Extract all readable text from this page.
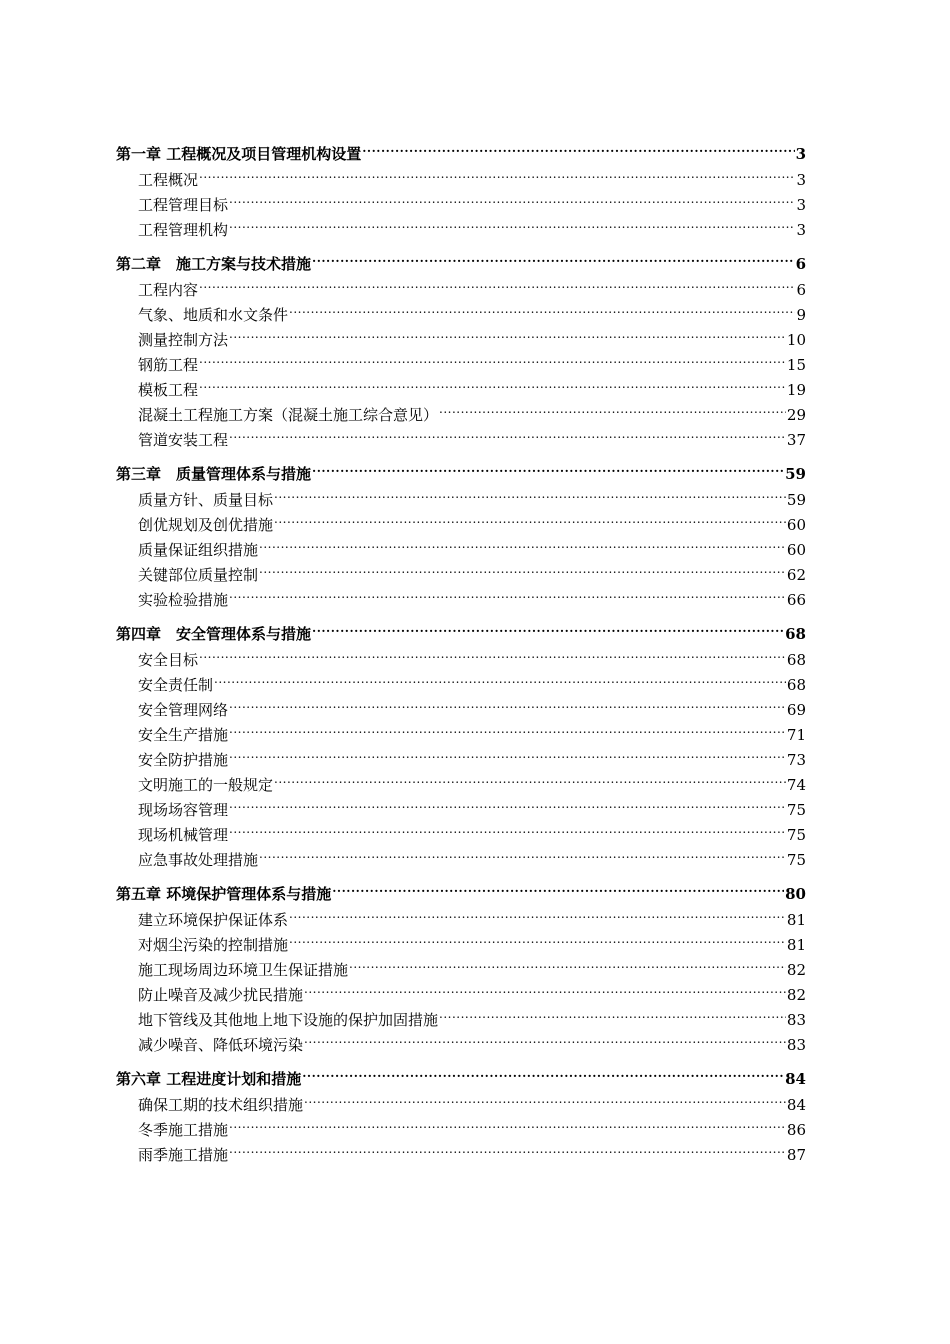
第一章 工程概况及项目管理机构设置 .....	3
工程概况 .....	3
工程管理目标 .....	3
工程管理机构 .....	3
第二章　施工方案与技术措施 .....	6
工程内容 .....	6
气象、地质和水文条件 .....	9
测量控制方法 .....	10
钢筋工程 .....	15
模板工程 .....	19
混凝土工程施工方案（混凝土施工综合意见） .....	29
管道安装工程 .....	37
第三章　质量管理体系与措施 .....	59
质量方针、质量目标 .....	59
创优规划及创优措施 .....	60
质量保证组织措施 .....	60
关键部位质量控制 .....	62
实验检验措施 .....	66
第四章　安全管理体系与措施 .....	68
安全目标 .....	68
安全责任制 .....	68
安全管理网络 .....	69
安全生产措施 .....	71
安全防护措施 .....	73
文明施工的一般规定 .....	74
现场场容管理 .....	75
现场机械管理 .....	75
应急事故处理措施 .....	75
第五章 环境保护管理体系与措施 .....	80
建立环境保护保证体系 .....	81
对烟尘污染的控制措施 .....	81
施工现场周边环境卫生保证措施 .....	82
防止噪音及减少扰民措施 .....	82
地下管线及其他地上地下设施的保护加固措施 .....	83
减少噪音、降低环境污染 .....	83
第六章 工程进度计划和措施 .....	84
确保工期的技术组织措施 .....	84
冬季施工措施 .....	86
雨季施工措施 .....	87
